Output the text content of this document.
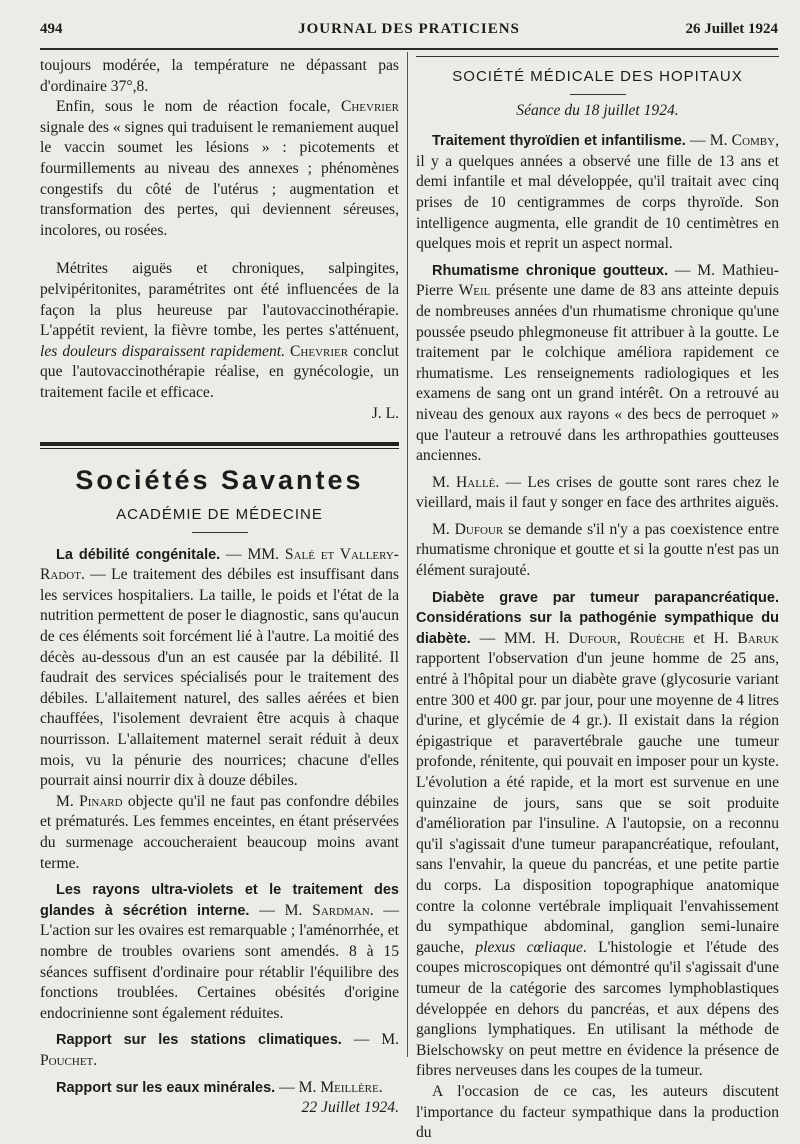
494	JOURNAL DES PRATICIENS	26 Juillet 1924

toujours modérée, la température ne dépassant pas d'ordinaire 37°,8.

Enfin, sous le nom de réaction focale, Chevrier signale des « signes qui traduisent le remaniement auquel le vaccin soumet les lésions » : picotements et fourmillements au niveau des annexes ; phénomènes congestifs du côté de l'utérus ; augmentation et transformation des pertes, qui deviennent séreuses, incolores, ou rosées.

Métrites aiguës et chroniques, salpingites, pelvipéritonites, paramétrites ont été influencées de la façon la plus heureuse par l'autovaccinothérapie. L'appétit revient, la fièvre tombe, les pertes s'atténuent, les douleurs disparaissent rapidement. Chevrier conclut que l'autovaccinothérapie réalise, en gynécologie, un traitement facile et efficace.

J. L.

Sociétés Savantes
ACADÉMIE DE MÉDECINE

La débilité congénitale. — MM. Salé et Vallery-Radot. — Le traitement des débiles est insuffisant dans les services hospitaliers. La taille, le poids et l'état de la nutrition permettent de poser le diagnostic, sans qu'aucun de ces éléments soit forcément lié à l'autre. La moitié des décès au-dessous d'un an est causée par la débilité. Il faudrait des services spécialisés pour le traitement des débiles. L'allaitement naturel, des salles aérées et bien chauffées, l'isolement devraient être acquis à chaque nourrisson. L'allaitement maternel serait réduit à deux mois, vu la pénurie des nourrices; chacune d'elles pourrait ainsi nourrir dix à douze débiles.

M. Pinard objecte qu'il ne faut pas confondre débiles et prématurés. Les femmes enceintes, en étant préservées du surmenage accoucheraient beaucoup moins avant terme.

Les rayons ultra-violets et le traitement des glandes à sécrétion interne. — M. Sardman. — L'action sur les ovaires est remarquable ; l'aménorrhée, et nombre de troubles ovariens sont amendés. 8 à 15 séances suffisent d'ordinaire pour rétablir l'équilibre des fonctions troublées. Certaines obésités d'origine endocrinienne sont également réduites.

Rapport sur les stations climatiques. — M. Pouchet.

Rapport sur les eaux minérales. — M. Meillère.

22 Juillet 1924.

SOCIÉTÉ MÉDICALE DES HOPITAUX
Séance du 18 juillet 1924.

Traitement thyroïdien et infantilisme. — M. Comby, il y a quelques années a observé une fille de 13 ans et demi infantile et mal développée, qu'il traitait avec cinq prises de 10 centigrammes de corps thyroïde. Son intelligence augmenta, elle grandit de 10 centimètres en quelques mois et reprit un aspect normal.

Rhumatisme chronique goutteux. — M. Mathieu-Pierre Weil présente une dame de 83 ans atteinte depuis de nombreuses années d'un rhumatisme chronique qu'une poussée pseudo phlegmoneuse fit attribuer à la goutte. Le traitement par le colchique améliora rapidement ce rhumatisme. Les renseignements radiologiques et les examens de sang ont un grand intérêt. On a retrouvé au niveau des genoux aux rayons « des becs de perroquet » que l'auteur a retrouvé dans les arthropathies goutteuses anciennes.

M. Hallé. — Les crises de goutte sont rares chez le vieillard, mais il faut y songer en face des arthrites aiguës.

M. Dufour se demande s'il n'y a pas coexistence entre rhumatisme chronique et goutte et si la goutte n'est pas un élément surajouté.

Diabète grave par tumeur parapancréatique. Considérations sur la pathogénie sympathique du diabète. — MM. H. Dufour, Rouèche et H. Baruk rapportent l'observation d'un jeune homme de 25 ans, entré à l'hôpital pour un diabète grave (glycosurie variant entre 300 et 400 gr. par jour, pour une moyenne de 4 litres d'urine, et glycémie de 4 gr.). Il existait dans la région épigastrique et paravertébrale gauche une tumeur profonde, rénitente, qui pouvait en imposer pour un kyste. L'évolution a été rapide, et la mort est survenue en une quinzaine de jours, sans que se soit produite d'amélioration par l'insuline. A l'autopsie, on a reconnu qu'il s'agissait d'une tumeur parapancréatique, refoulant, sans l'envahir, la queue du pancréas, et une petite partie du corps. La disposition topographique anatomique contre la colonne vertébrale impliquait l'envahissement du sympathique abdominal, ganglion semi-lunaire gauche, plexus cœliaque. L'histologie et l'étude des coupes microscopiques ont démontré qu'il s'agissait d'une tumeur de la catégorie des sarcomes lymphoblastiques développée en dehors du pancréas, et aux dépens des ganglions lymphatiques. En utilisant la méthode de Bielschowsky on peut mettre en évidence la présence de fibres nerveuses dans les coupes de la tumeur.

A l'occasion de ce cas, les auteurs discutent l'importance du facteur sympathique dans la production du
